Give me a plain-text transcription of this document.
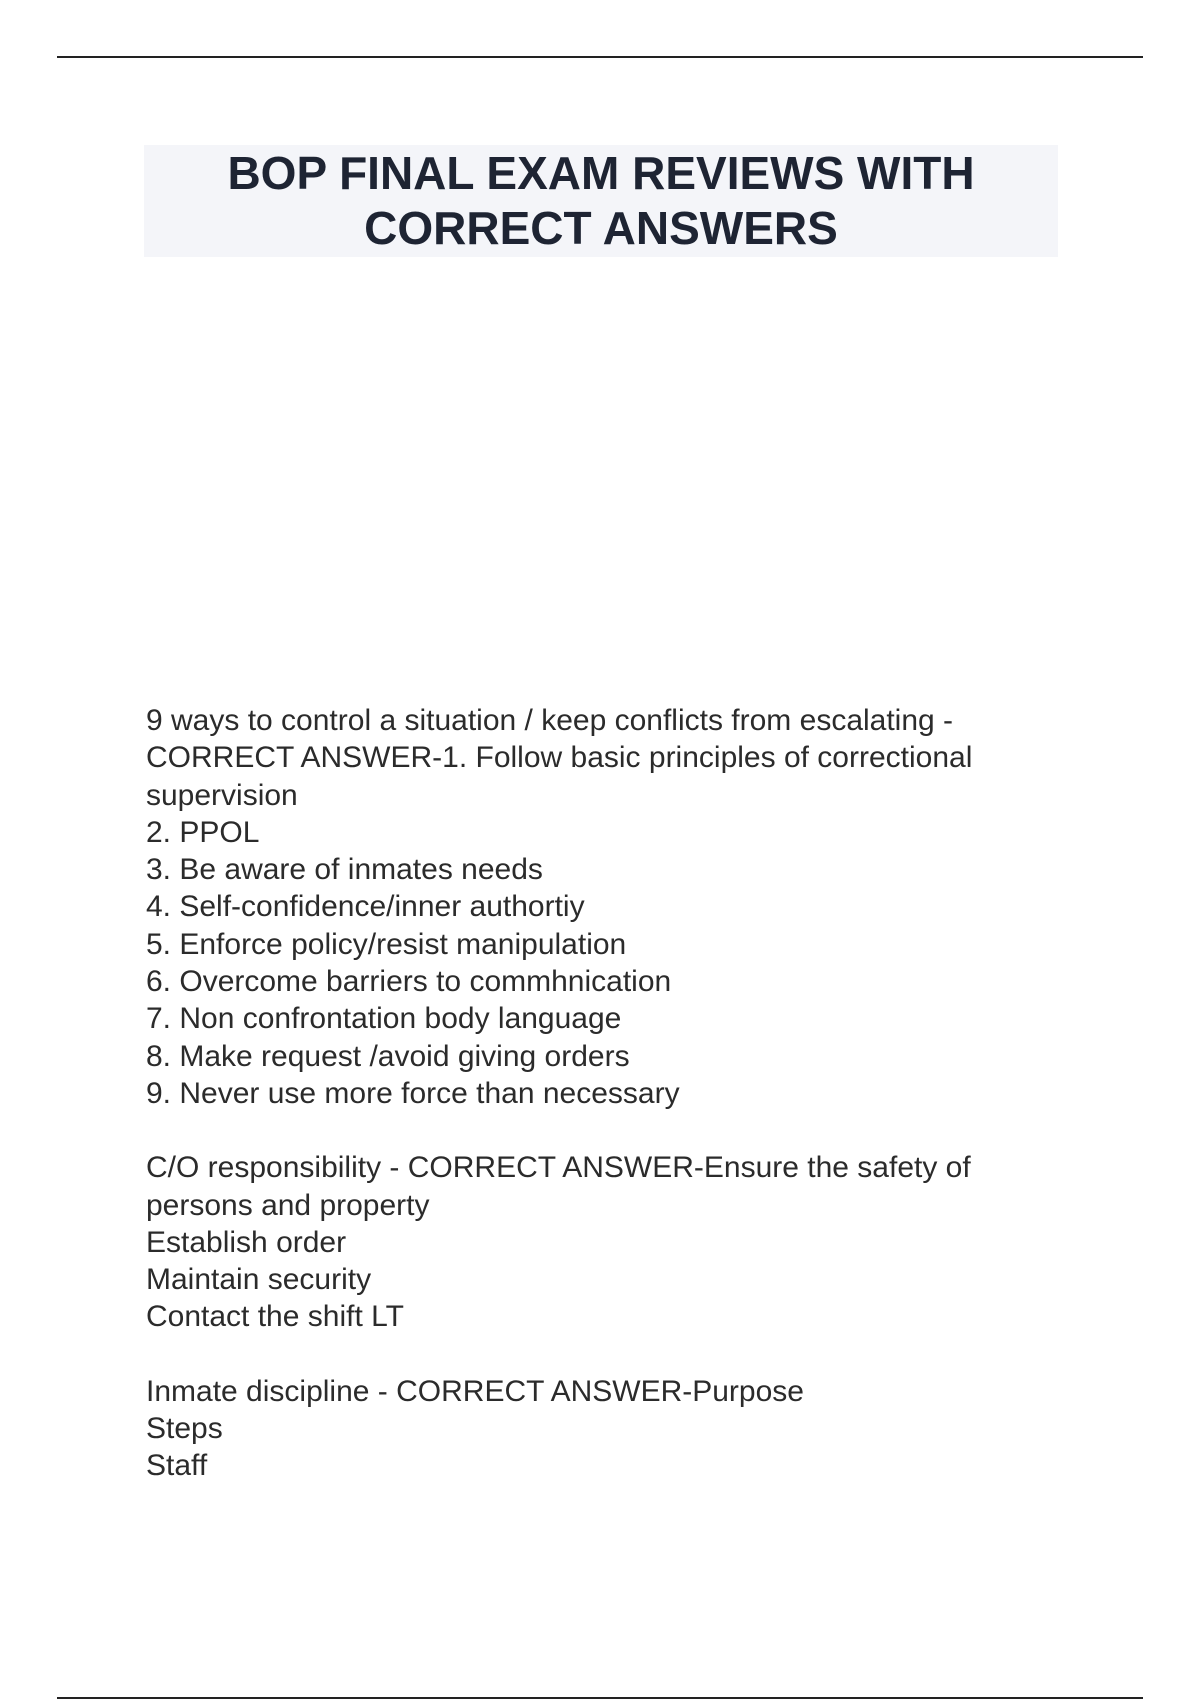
BOP FINAL EXAM REVIEWS WITH
CORRECT ANSWERS
9 ways to control a situation / keep conflicts from escalating -
CORRECT ANSWER-1. Follow basic principles of correctional
supervision
2. PPOL
3. Be aware of inmates needs
4. Self-confidence/inner authortiy
5. Enforce policy/resist manipulation
6. Overcome barriers to commhnication
7. Non confrontation body language
8. Make request /avoid giving orders
9. Never use more force than necessary
C/O responsibility - CORRECT ANSWER-Ensure the safety of
persons and property
Establish order
Maintain security
Contact the shift LT
Inmate discipline - CORRECT ANSWER-Purpose
Steps
Staff
